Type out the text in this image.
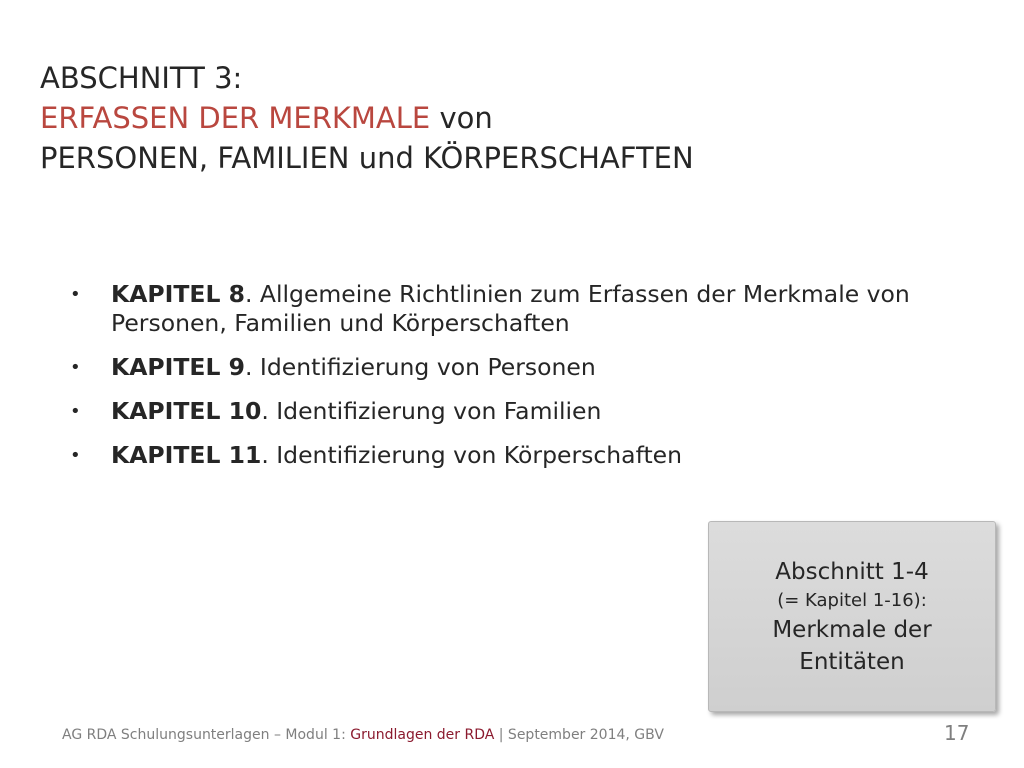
ABSCHNITT 3:
ERFASSEN DER MERKMALE von
PERSONEN, FAMILIEN und KÖRPERSCHAFTEN
• KAPITEL 8. Allgemeine Richtlinien zum Erfassen der Merkmale von Personen, Familien und Körperschaften
• KAPITEL 9. Identifizierung von Personen
• KAPITEL 10. Identifizierung von Familien
• KAPITEL 11. Identifizierung von Körperschaften
Abschnitt 1-4
(= Kapitel 1-16):
Merkmale der
Entitäten
AG RDA Schulungsunterlagen – Modul 1: Grundlagen der RDA | September 2014, GBV	17
